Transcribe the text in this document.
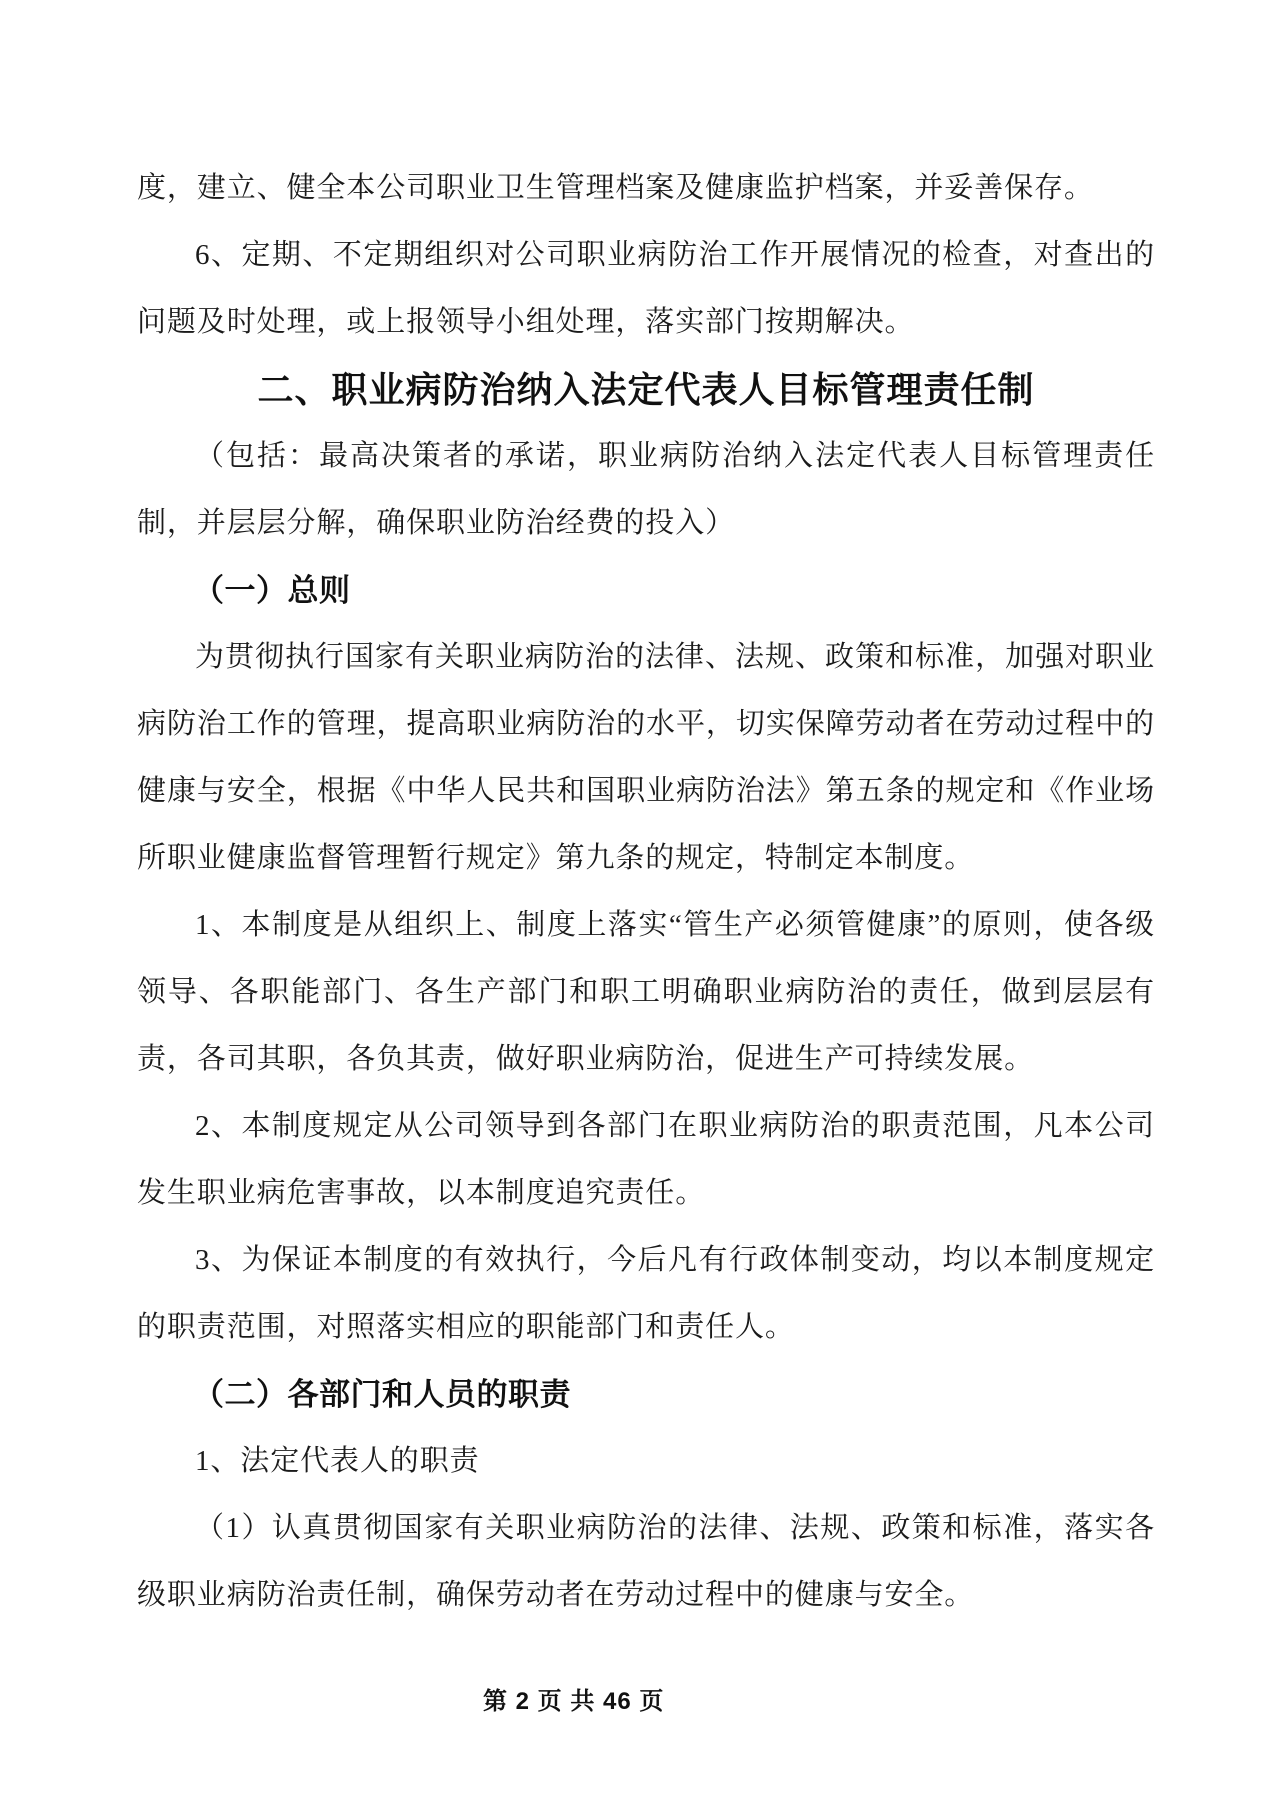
度，建立、健全本公司职业卫生管理档案及健康监护档案，并妥善保存。

6、定期、不定期组织对公司职业病防治工作开展情况的检查，对查出的问题及时处理，或上报领导小组处理，落实部门按期解决。

二、职业病防治纳入法定代表人目标管理责任制

（包括：最高决策者的承诺，职业病防治纳入法定代表人目标管理责任制，并层层分解，确保职业防治经费的投入）

（一）总则

为贯彻执行国家有关职业病防治的法律、法规、政策和标准，加强对职业病防治工作的管理，提高职业病防治的水平，切实保障劳动者在劳动过程中的健康与安全，根据《中华人民共和国职业病防治法》第五条的规定和《作业场所职业健康监督管理暂行规定》第九条的规定，特制定本制度。

1、本制度是从组织上、制度上落实“管生产必须管健康”的原则，使各级领导、各职能部门、各生产部门和职工明确职业病防治的责任，做到层层有责，各司其职，各负其责，做好职业病防治，促进生产可持续发展。

2、本制度规定从公司领导到各部门在职业病防治的职责范围，凡本公司发生职业病危害事故，以本制度追究责任。

3、为保证本制度的有效执行，今后凡有行政体制变动，均以本制度规定的职责范围，对照落实相应的职能部门和责任人。

（二）各部门和人员的职责

1、法定代表人的职责

（1）认真贯彻国家有关职业病防治的法律、法规、政策和标准，落实各级职业病防治责任制，确保劳动者在劳动过程中的健康与安全。

第 2 页 共 46 页
